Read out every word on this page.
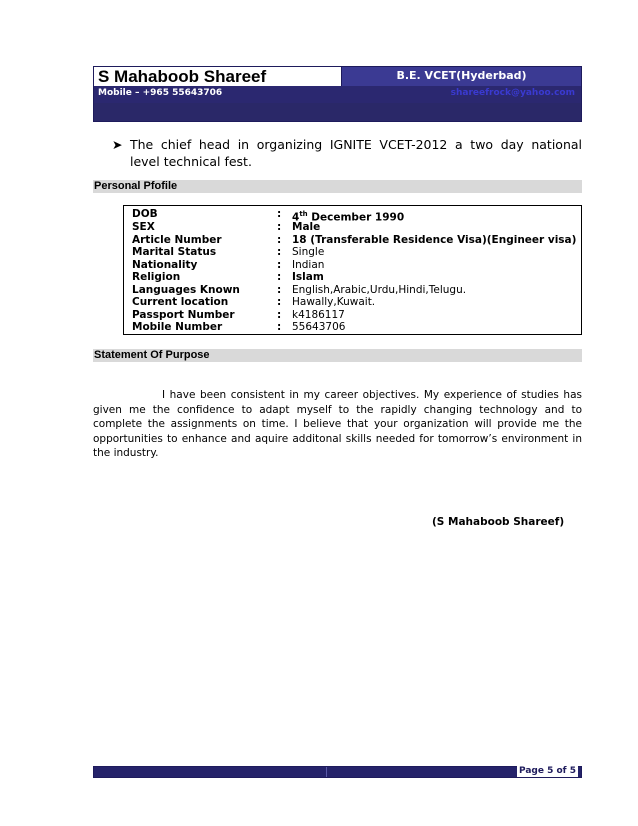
S Mahaboob Shareef	B.E. VCET(Hyderbad)
Mobile – +965 55643706	shareefrock@yahoo.com
➤ The chief head in organizing IGNITE VCET-2012 a two day national
level technical fest.
Personal Pfofile
DOB	: 4th December 1990
SEX	: Male
Article Number	: 18 (Transferable Residence Visa)(Engineer visa)
Marital Status	: Single
Nationality	: Indian
Religion	: Islam
Languages Known	: English,Arabic,Urdu,Hindi,Telugu.
Current location	: Hawally,Kuwait.
Passport Number	: k4186117
Mobile Number	: 55643706
Statement Of Purpose
I have been consistent in my career objectives. My experience of studies has
given me the confidence to adapt myself to the rapidly changing technology and to
complete the assignments on time. I believe that your organization will provide me the
opportunities to enhance and aquire additonal skills needed for tomorrow’s environment in
the industry.
(S Mahaboob Shareef)
Page 5 of 5
